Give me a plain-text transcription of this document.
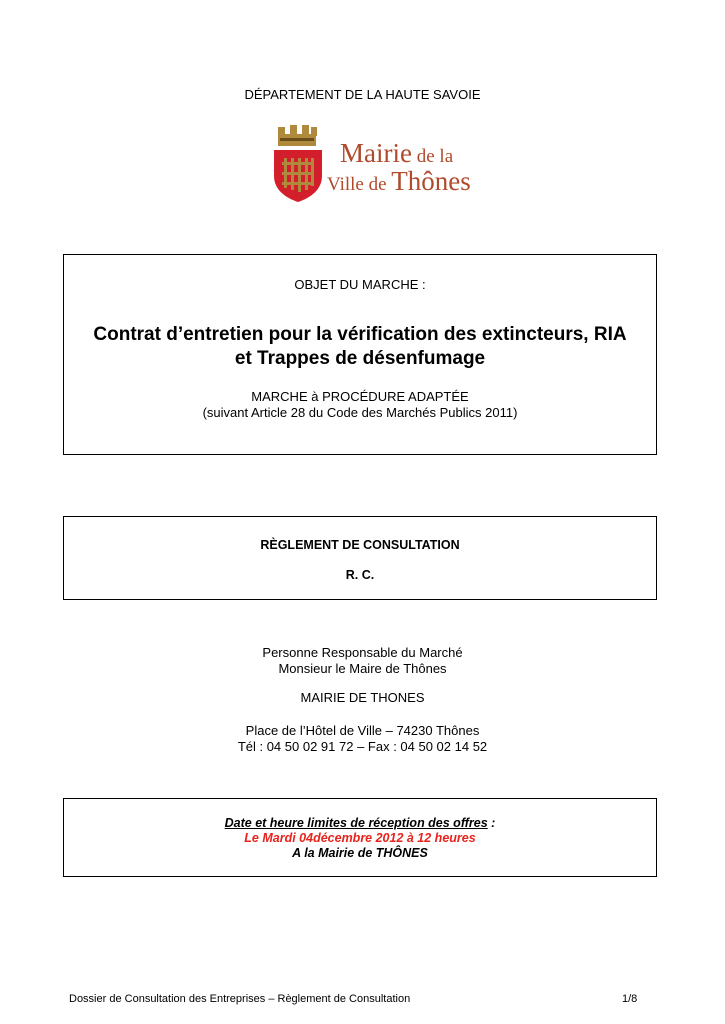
DÉPARTEMENT DE LA HAUTE SAVOIE
Mairie de la
Ville de Thônes
OBJET DU MARCHE :
Contrat d’entretien pour la vérification des extincteurs, RIA
et Trappes de désenfumage
MARCHE à PROCÉDURE ADAPTÉE
(suivant Article 28 du Code des Marchés Publics 2011)
RÈGLEMENT DE CONSULTATION
R. C.
Personne Responsable du Marché
Monsieur le Maire de Thônes
MAIRIE DE THONES
Place de l’Hôtel de Ville – 74230 Thônes
Tél : 04 50 02 91 72 – Fax : 04 50 02 14 52
Date et heure limites de réception des offres :
Le Mardi 04décembre 2012 à 12 heures
A la Mairie de THÔNES
Dossier de Consultation des Entreprises – Règlement de Consultation	1/8
